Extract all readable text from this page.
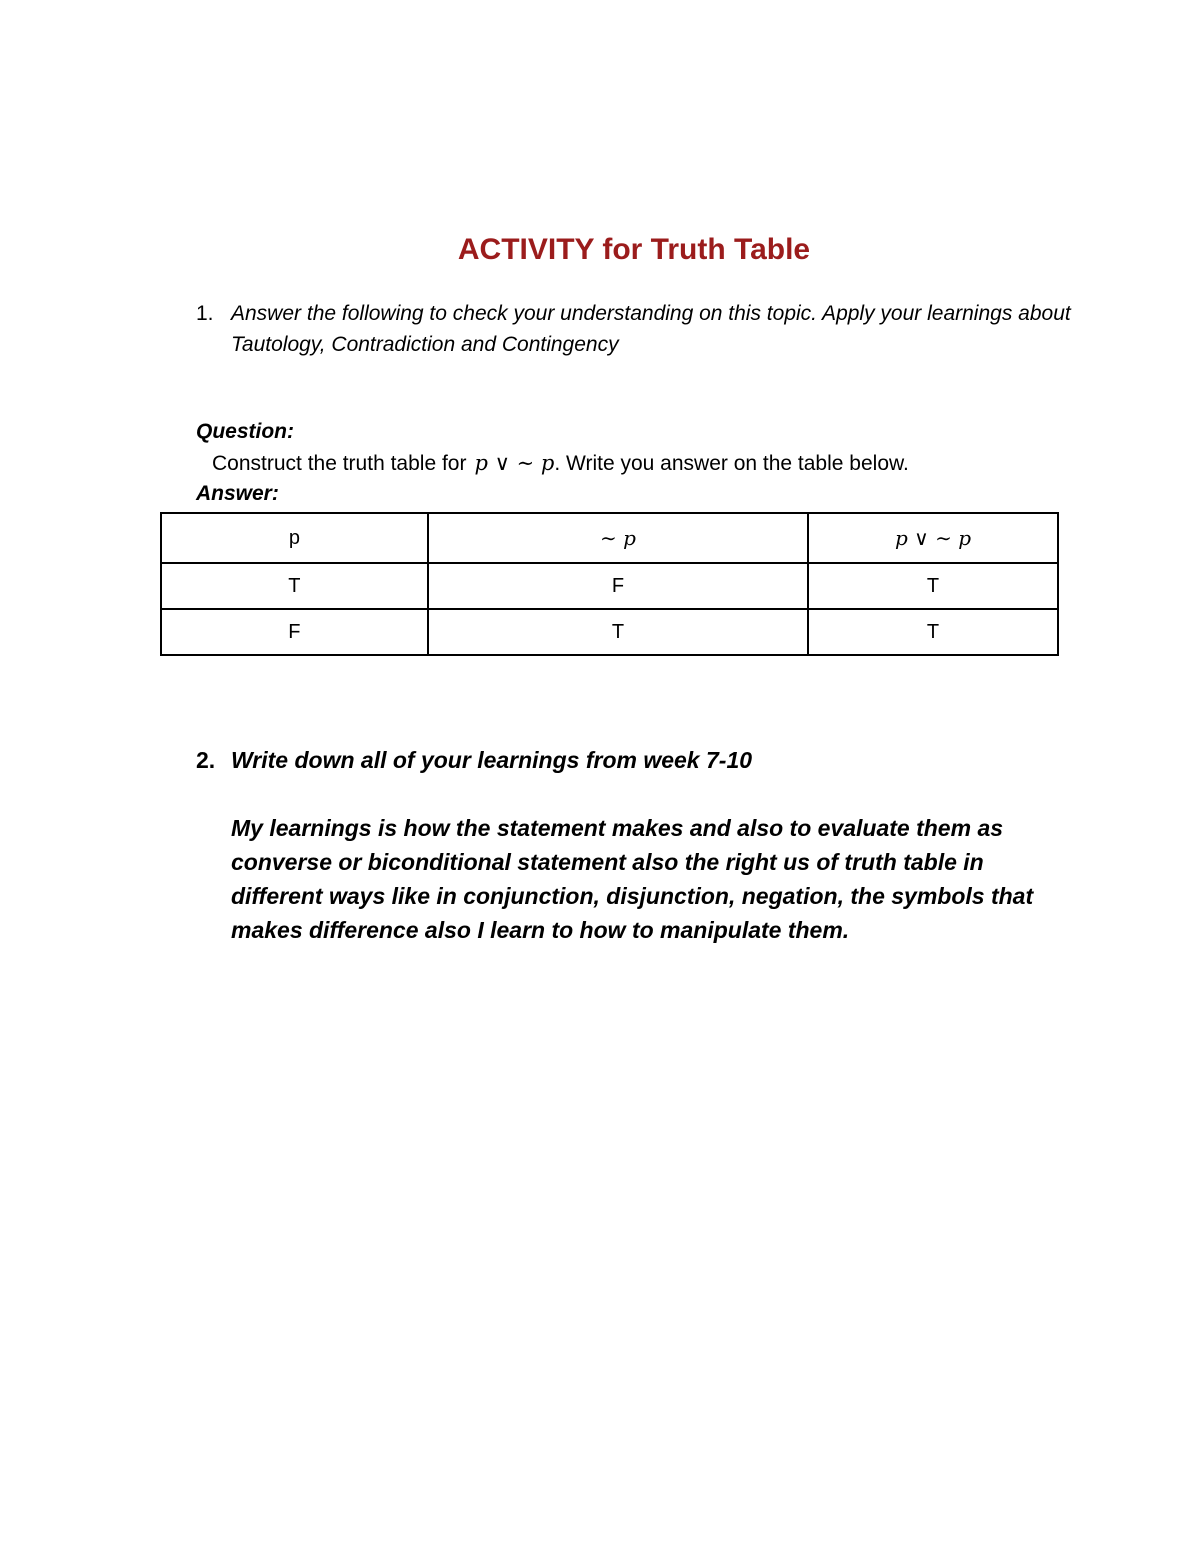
ACTIVITY for Truth Table
1. Answer the following to check your understanding on this topic. Apply your learnings about Tautology, Contradiction and Contingency
Question:
Construct the truth table for p ∨ ∼ p. Write you answer on the table below.
Answer:
p	∼ p	p ∨ ∼ p
T	F	T
F	T	T
2. Write down all of your learnings from week 7-10
My learnings is how the statement makes and also to evaluate them as
converse or biconditional statement also the right us of truth table in
different ways like in conjunction, disjunction, negation, the symbols that
makes difference also I learn to how to manipulate them.
